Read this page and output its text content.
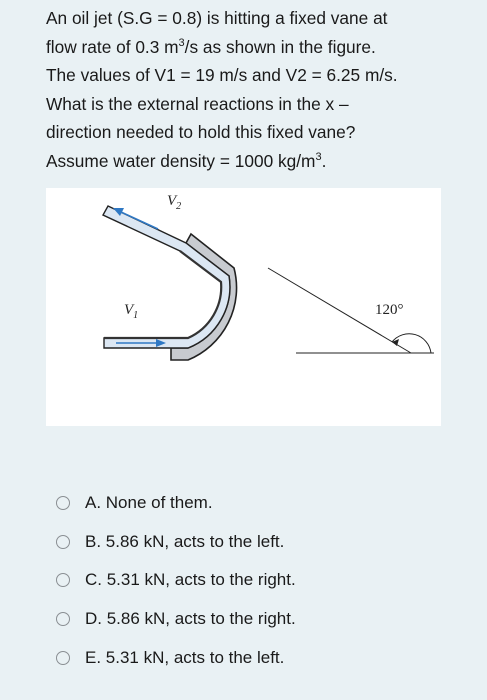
An oil jet (S.G = 0.8) is hitting a fixed vane at

flow rate of 0.3 $m^3/s$ as shown in the figure.

The values of V1 = 19 m/s and V2 = 6.25 m/s.

What is the external reactions in the x –

direction needed to hold this fixed vane?

Assume water density = 1000 $kg/m^3$.

$V_2$
$V_1$	120°
A. None of them.
B. 5.86 kN, acts to the left.
C. 5.31 kN, acts to the right.
D. 5.86 kN, acts to the right.
E. 5.31 kN, acts to the left.
